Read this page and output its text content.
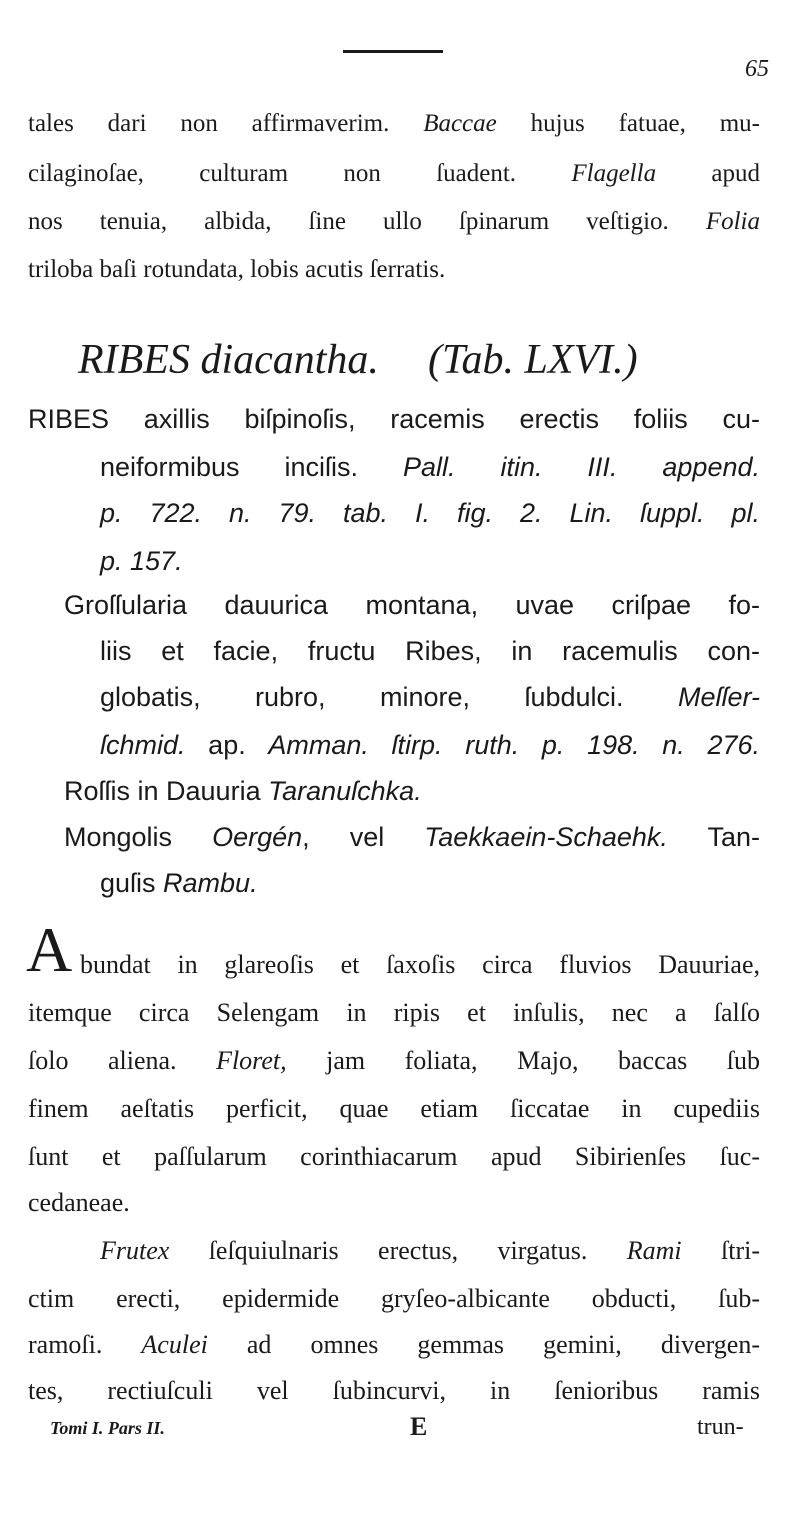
65
tales dari non affirmaverim. Baccae hujus fatuae, mu-
cilaginoſae, culturam non ſuadent. Flagella apud
nos tenuia, albida, ſine ullo ſpinarum veſtigio. Folia
triloba baſi rotundata, lobis acutis ſerratis.
RIBES diacantha. (Tab. LXVI.)
RIBES axillis biſpinoſis, racemis erectis foliis cu-
neiformibus inciſis. Pall. itin. III. append.
p. 722. n. 79. tab. I. fig. 2. Lin. ſuppl. pl.
p. 157.
Groſſularia dauurica montana, uvae criſpae fo-
liis et facie, fructu Ribes, in racemulis con-
globatis, rubro, minore, ſubdulci. Meſſer-
ſchmid. ap. Amman. ſtirp. ruth. p. 198. n. 276.
Roſſis in Dauuria Taranuſchka.
Mongolis Oergén, vel Taekkaein-Schaehk. Tan-
guſis Rambu.
A bundat in glareoſis et ſaxoſis circa fluvios Dauuriae,
itemque circa Selengam in ripis et inſulis, nec a ſalſo
ſolo aliena. Floret, jam foliata, Majo, baccas ſub
finem aeſtatis perficit, quae etiam ſiccatae in cupediis
ſunt et paſſularum corinthiacarum apud Sibirienſes ſuc-
cedaneae.
Frutex ſeſquiulnaris erectus, virgatus. Rami ſtri-
ctim erecti, epidermide gryſeo-albicante obducti, ſub-
ramoſi. Aculei ad omnes gemmas gemini, divergen-
tes, rectiuſculi vel ſubincurvi, in ſenioribus ramis
Tomi I. Pars II.	E	trun-
